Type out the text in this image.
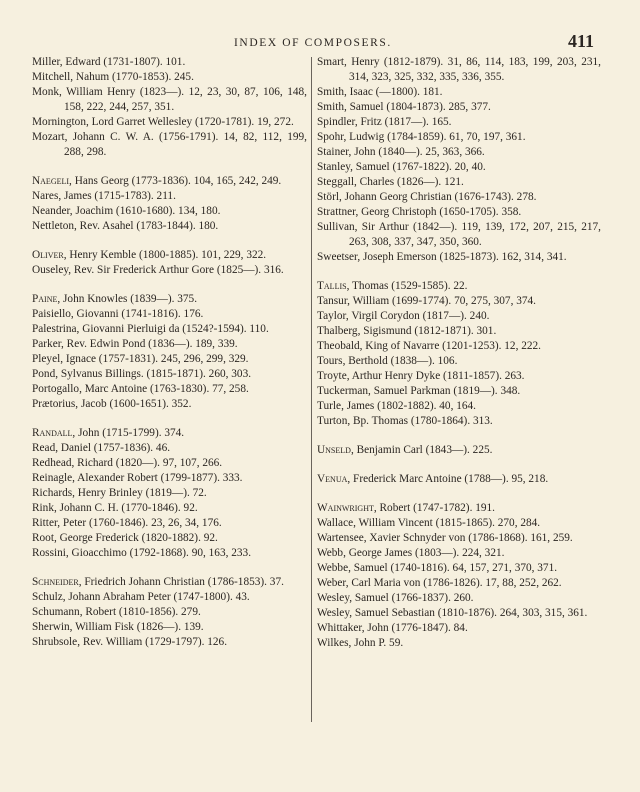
INDEX OF COMPOSERS.	411

Miller, Edward (1731-1807). 101.

Mitchell, Nahum (1770-1853). 245.

Monk, William Henry (1823—). 12, 23, 30, 87, 106, 148, 158, 222, 244, 257, 351.

Mornington, Lord Garret Wellesley (1720-1781). 19, 272.

Mozart, Johann C. W. A. (1756-1791). 14, 82, 112, 199, 288, 298.

Naegeli, Hans Georg (1773-1836). 104, 165, 242, 249.

Nares, James (1715-1783). 211.

Neander, Joachim (1610-1680). 134, 180.

Nettleton, Rev. Asahel (1783-1844). 180.

Oliver, Henry Kemble (1800-1885). 101, 229, 322.

Ouseley, Rev. Sir Frederick Arthur Gore (1825—). 316.

Paine, John Knowles (1839—). 375.

Paisiello, Giovanni (1741-1816). 176.

Palestrina, Giovanni Pierluigi da (1524?-1594). 110.

Parker, Rev. Edwin Pond (1836—). 189, 339.

Pleyel, Ignace (1757-1831). 245, 296, 299, 329.

Pond, Sylvanus Billings. (1815-1871). 260, 303.

Portogallo, Marc Antoine (1763-1830). 77, 258.

Prætorius, Jacob (1600-1651). 352.

Randall, John (1715-1799). 374.

Read, Daniel (1757-1836). 46.

Redhead, Richard (1820—). 97, 107, 266.

Reinagle, Alexander Robert (1799-1877). 333.

Richards, Henry Brinley (1819—). 72.

Rink, Johann C. H. (1770-1846). 92.

Ritter, Peter (1760-1846). 23, 26, 34, 176.

Root, George Frederick (1820-1882). 92.

Rossini, Gioacchimo (1792-1868). 90, 163, 233.

Schneider, Friedrich Johann Christian (1786-1853). 37.

Schulz, Johann Abraham Peter (1747-1800). 43.

Schumann, Robert (1810-1856). 279.

Sherwin, William Fisk (1826—). 139.

Shrubsole, Rev. William (1729-1797). 126.

Smart, Henry (1812-1879). 31, 86, 114, 183, 199, 203, 231, 314, 323, 325, 332, 335, 336, 355.

Smith, Isaac (—1800). 181.

Smith, Samuel (1804-1873). 285, 377.

Spindler, Fritz (1817—). 165.

Spohr, Ludwig (1784-1859). 61, 70, 197, 361.

Stainer, John (1840—). 25, 363, 366.

Stanley, Samuel (1767-1822). 20, 40.

Steggall, Charles (1826—). 121.

Störl, Johann Georg Christian (1676-1743). 278.

Strattner, Georg Christoph (1650-1705). 358.

Sullivan, Sir Arthur (1842—). 119, 139, 172, 207, 215, 217, 263, 308, 337, 347, 350, 360.

Sweetser, Joseph Emerson (1825-1873). 162, 314, 341.

Tallis, Thomas (1529-1585). 22.

Tansur, William (1699-1774). 70, 275, 307, 374.

Taylor, Virgil Corydon (1817—). 240.

Thalberg, Sigismund (1812-1871). 301.

Theobald, King of Navarre (1201-1253). 12, 222.

Tours, Berthold (1838—). 106.

Troyte, Arthur Henry Dyke (1811-1857). 263.

Tuckerman, Samuel Parkman (1819—). 348.

Turle, James (1802-1882). 40, 164.

Turton, Bp. Thomas (1780-1864). 313.

Unseld, Benjamin Carl (1843—). 225.

Venua, Frederick Marc Antoine (1788—). 95, 218.

Wainwright, Robert (1747-1782). 191.

Wallace, William Vincent (1815-1865). 270, 284.

Wartensee, Xavier Schnyder von (1786-1868). 161, 259.

Webb, George James (1803—). 224, 321.

Webbe, Samuel (1740-1816). 64, 157, 271, 370, 371.

Weber, Carl Maria von (1786-1826). 17, 88, 252, 262.

Wesley, Samuel (1766-1837). 260.

Wesley, Samuel Sebastian (1810-1876). 264, 303, 315, 361.

Whittaker, John (1776-1847). 84.

Wilkes, John P. 59.
